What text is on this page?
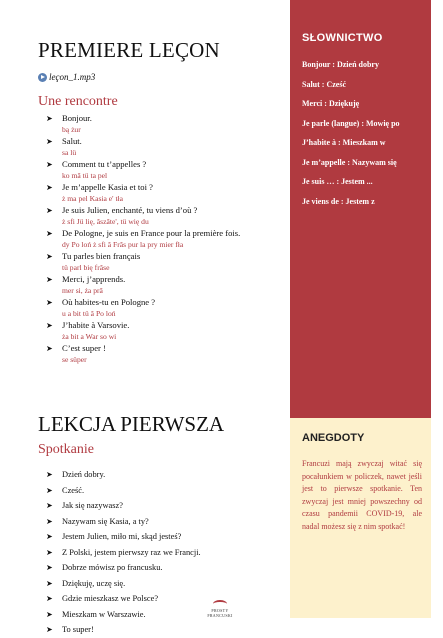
PREMIERE LEÇON
leçon_1.mp3
Une rencontre
➤ Bonjour.
bą żur
➤ Salut.
sa lü
➤ Comment tu t’appelles ?
ko mã tü ta pel
➤ Je m’appelle Kasia et toi ?
ż ma pel Kasia e' tła
➤ Je suis Julien, enchanté, tu viens d’où ?
ż sfi Jü lię, ãszãte', tü wię du
➤ De Pologne, je suis en France pour la première fois.
dy Po loń ż sfi ã Frãs pur la pry mier fła
➤ Tu parles bien français
tü parl bię frãse
➤ Merci, j’apprends.
mer si, ża prã
➤ Où habites-tu en Pologne ?
u a bit tü ã Po loń
➤ J’habite à Varsovie.
ża bit a War so wi
➤ C’est super !
se süper
LEKCJA PIERWSZA
Spotkanie
➤ Dzień dobry.
➤ Cześć.
➤ Jak się nazywasz?
➤ Nazywam się Kasia, a ty?
➤ Jestem Julien, miło mi, skąd jesteś?
➤ Z Polski, jestem pierwszy raz we Francji.
➤ Dobrze mówisz po francusku.
➤ Dziękuję, uczę się.
➤ Gdzie mieszkasz we Polsce?
➤ Mieszkam w Warszawie.
➤ To super!
PROSTY FRANCUSKI
SŁOWNICTWO
Bonjour : Dzień dobry
Salut : Cześć
Merci : Dziękuję
Je parle (langue) : Mowię po
J’habite à : Mieszkam w
Je m’appelle : Nazywam się
Je suis … : Jestem ...
Je viens de : Jestem z
ANEGDOTY
Francuzi mają zwyczaj witać się pocałunkiem w policzek, nawet jeśli jest to pierwsze spotkanie. Ten zwyczaj jest mniej powszechny od czasu pandemii COVID-19, ale nadal możesz się z nim spotkać!
